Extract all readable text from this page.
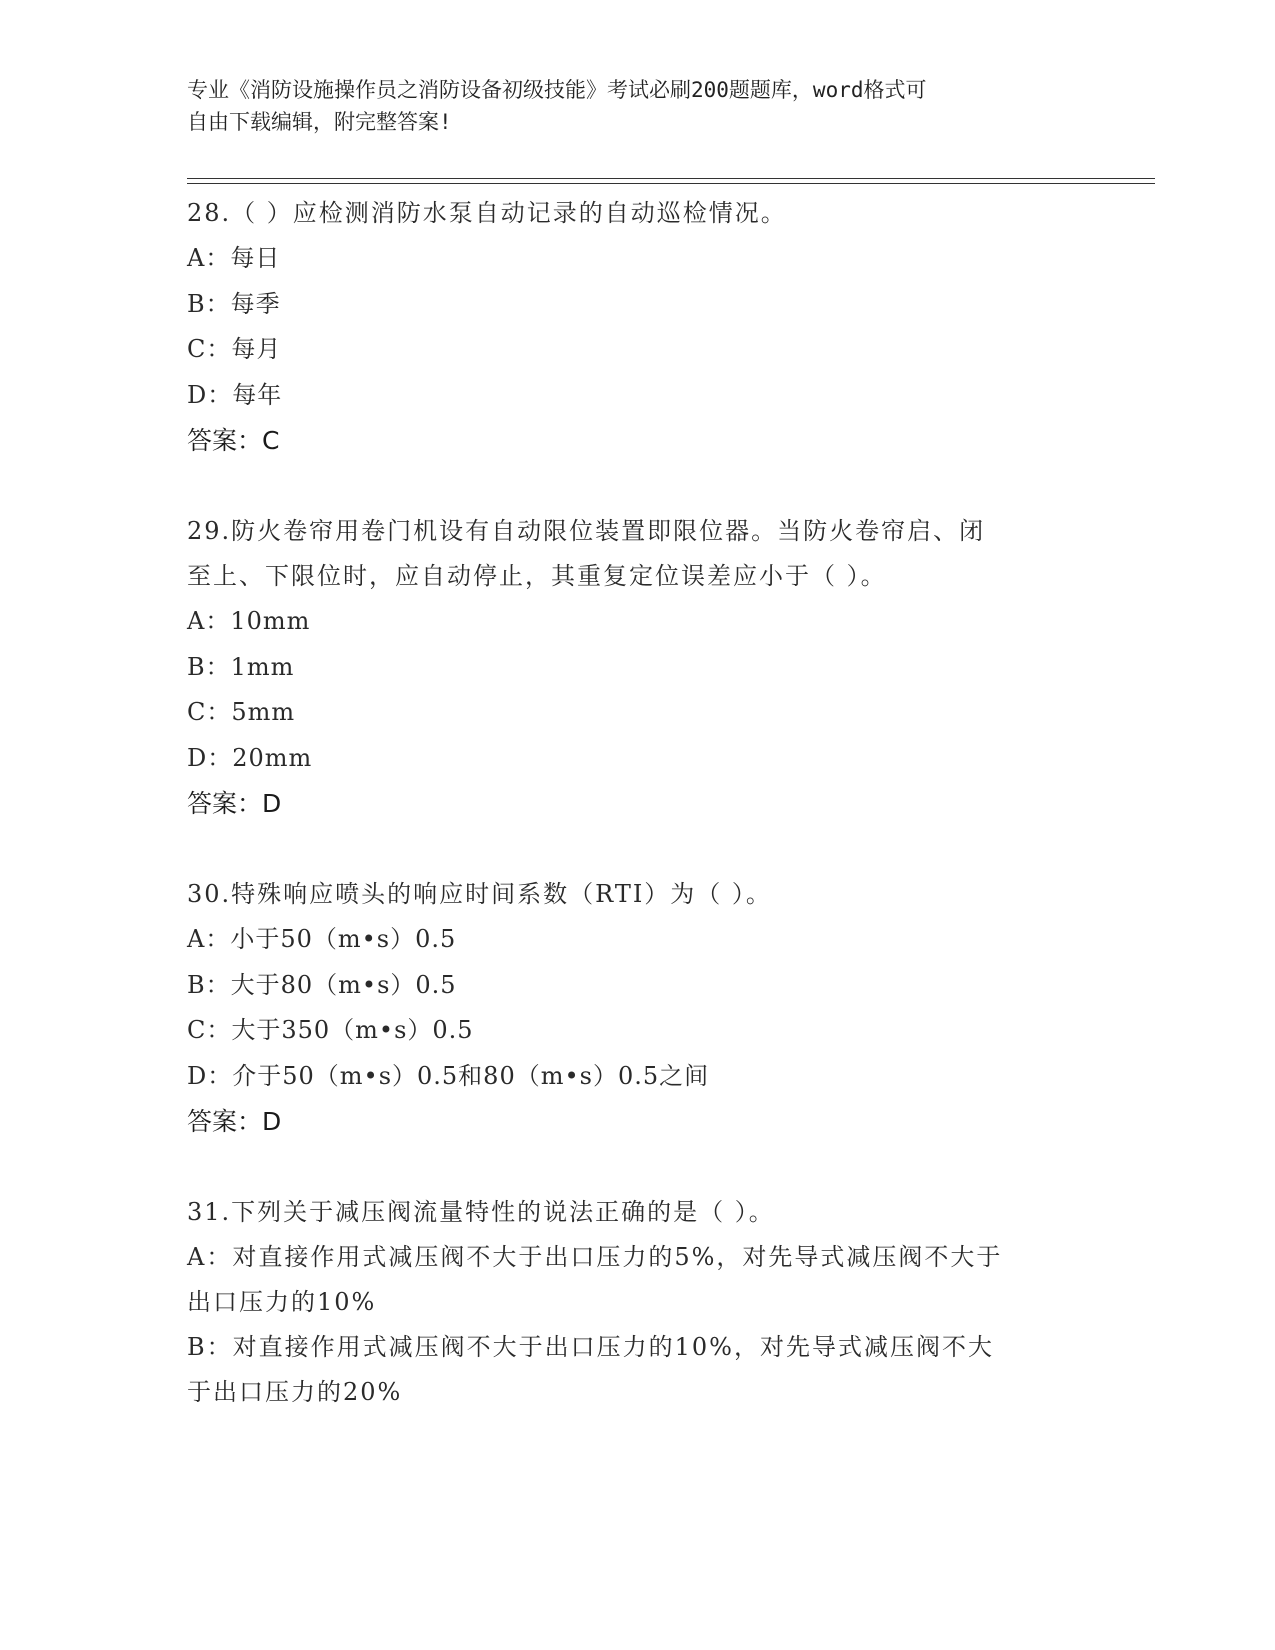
专业《消防设施操作员之消防设备初级技能》考试必刷200题题库，word格式可
自由下载编辑，附完整答案!

28.（ ）应检测消防水泵自动记录的自动巡检情况。

A：每日

B：每季

C：每月

D：每年

答案：C

29.防火卷帘用卷门机设有自动限位装置即限位器。当防火卷帘启、闭

至上、下限位时，应自动停止，其重复定位误差应小于（ ）。

A：10mm

B：1mm

C：5mm

D：20mm

答案：D

30.特殊响应喷头的响应时间系数（RTI）为（ ）。

A：小于50（m•s）0.5

B：大于80（m•s）0.5

C：大于350（m•s）0.5

D：介于50（m•s）0.5和80（m•s）0.5之间

答案：D

31.下列关于减压阀流量特性的说法正确的是（ ）。

A：对直接作用式减压阀不大于出口压力的5%，对先导式减压阀不大于

出口压力的10%

B：对直接作用式减压阀不大于出口压力的10%，对先导式减压阀不大

于出口压力的20%
